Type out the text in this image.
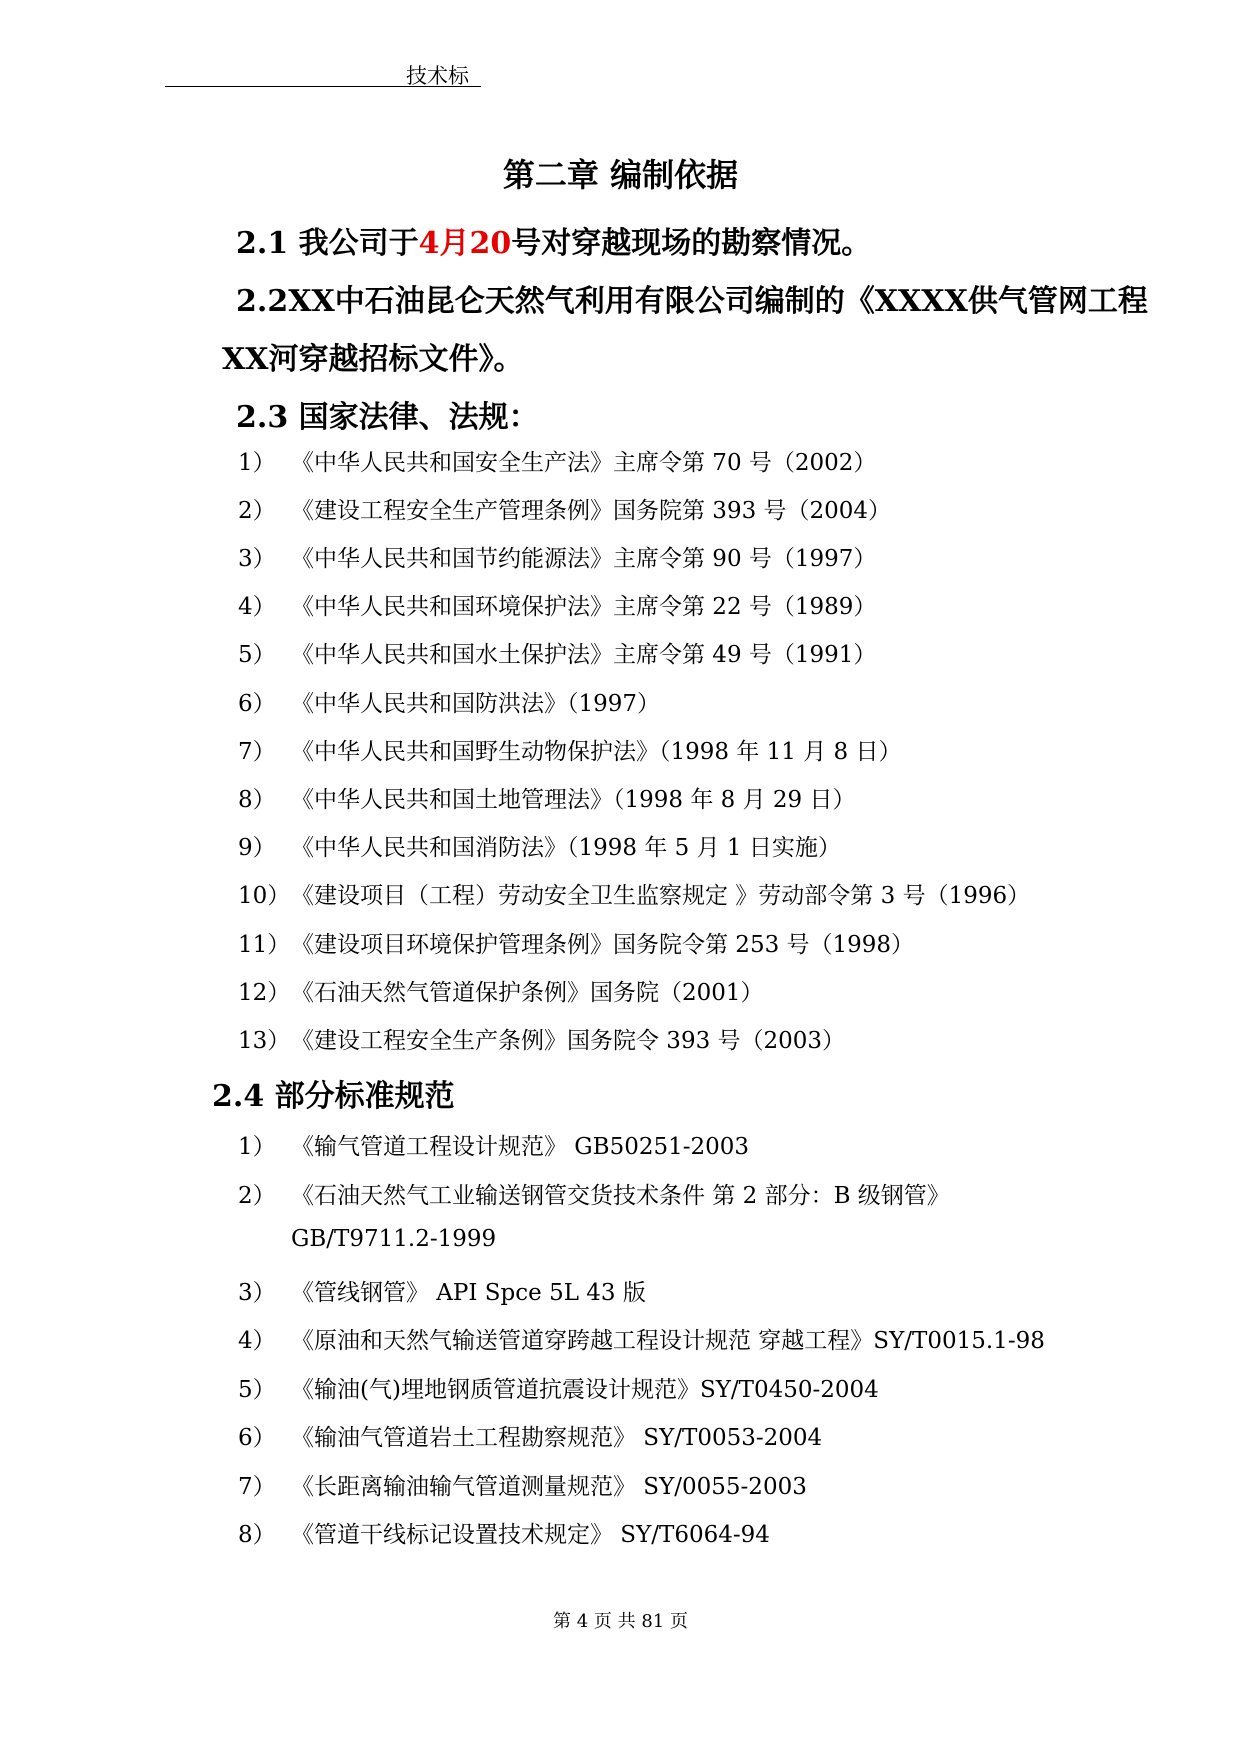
技术标
第二章 编制依据
2.1 我公司于4月20号对穿越现场的勘察情况。
2.2XX中石油昆仑天然气利用有限公司编制的《XXXX供气管网工程
XX河穿越招标文件》。
2.3 国家法律、法规：
1） 《中华人民共和国安全生产法》主席令第 70 号（2002）
2） 《建设工程安全生产管理条例》国务院第 393 号（2004）
3） 《中华人民共和国节约能源法》主席令第 90 号（1997）
4） 《中华人民共和国环境保护法》主席令第 22 号（1989）
5） 《中华人民共和国水土保护法》主席令第 49 号（1991）
6） 《中华人民共和国防洪法》（1997）
7） 《中华人民共和国野生动物保护法》（1998 年 11 月 8 日）
8） 《中华人民共和国土地管理法》（1998 年 8 月 29 日）
9） 《中华人民共和国消防法》（1998 年 5 月 1 日实施）
10）《建设项目（工程）劳动安全卫生监察规定 》劳动部令第 3 号（1996）
11）《建设项目环境保护管理条例》国务院令第 253 号（1998）
12）《石油天然气管道保护条例》国务院（2001）
13）《建设工程安全生产条例》国务院令 393 号（2003）
2.4 部分标准规范
1） 《输气管道工程设计规范》 GB50251-2003
2） 《石油天然气工业输送钢管交货技术条件 第 2 部分：B 级钢管》
GB/T9711.2-1999
3） 《管线钢管》 API Spce 5L 43 版
4） 《原油和天然气输送管道穿跨越工程设计规范 穿越工程》SY/T0015.1-98
5） 《输油(气)埋地钢质管道抗震设计规范》SY/T0450-2004
6） 《输油气管道岩土工程勘察规范》 SY/T0053-2004
7） 《长距离输油输气管道测量规范》 SY/0055-2003
8） 《管道干线标记设置技术规定》 SY/T6064-94
第 4 页 共 81 页
